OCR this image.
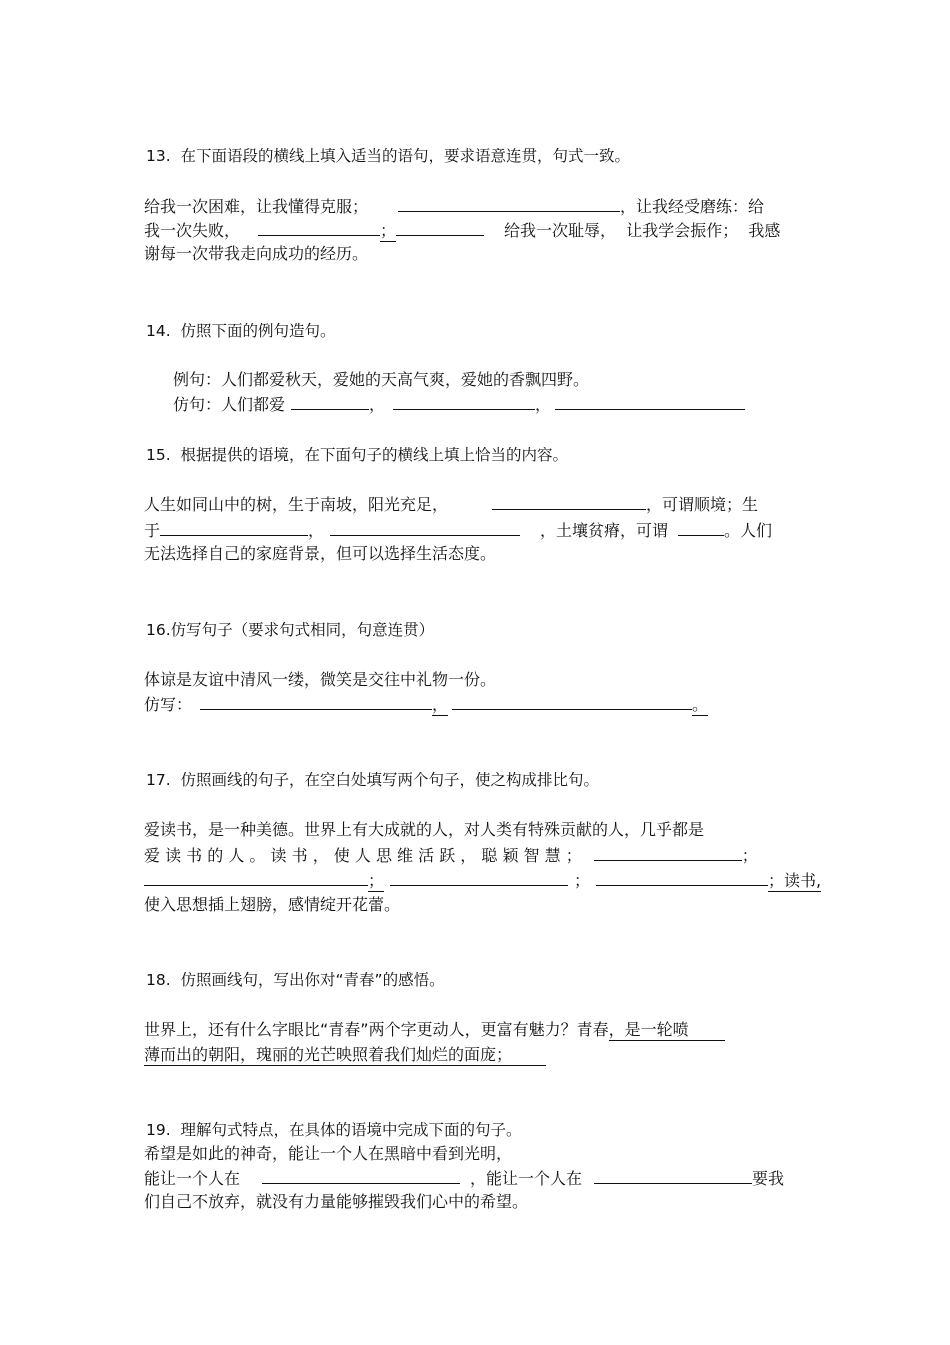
13.  在下面语段的横线上填入适当的语句，要求语意连贯，句式一致。
给我一次困难，让我懂得克服；	，让我经受磨练：给
我一次失败，	；	给我一次耻辱，  让我学会振作；  我感
谢每一次带我走向成功的经历。
14.  仿照下面的例句造句。
例句：人们都爱秋天，爱她的天高气爽，爱她的香飘四野。
仿句：人们都爱	，	，
15.  根据提供的语境，在下面句子的横线上填上恰当的内容。
人生如同山中的树，生于南坡，阳光充足，	，可谓顺境；生
于	，	，土壤贫瘠，可谓	。人们
无法选择自己的家庭背景，但可以选择生活态度。
16.仿写句子（要求句式相同，句意连贯）
体谅是友谊中清风一缕，微笑是交往中礼物一份。
仿写：	，	。
17.  仿照画线的句子，在空白处填写两个句子，使之构成排比句。
爱读书，是一种美德。世界上有大成就的人，对人类有特殊贡献的人，几乎都是
爱 读 书 的 人 。 读 书 ， 使 人 思 维 活 跃 ， 聪 颖 智 慧 ；	；
；	；	；读书,
使入思想插上翅膀，感情绽开花蕾。
18.  仿照画线句，写出你对“青春”的感悟。
世界上，还有什么字眼比“青春”两个字更动人，更富有魅力？青春，是一轮喷
薄而出的朝阳，瑰丽的光芒映照着我们灿烂的面庞；
19.  理解句式特点，在具体的语境中完成下面的句子。
希望是如此的神奇，能让一个人在黑暗中看到光明，
能让一个人在	，能让一个人在	要我
们自己不放弃，就没有力量能够摧毁我们心中的希望。
